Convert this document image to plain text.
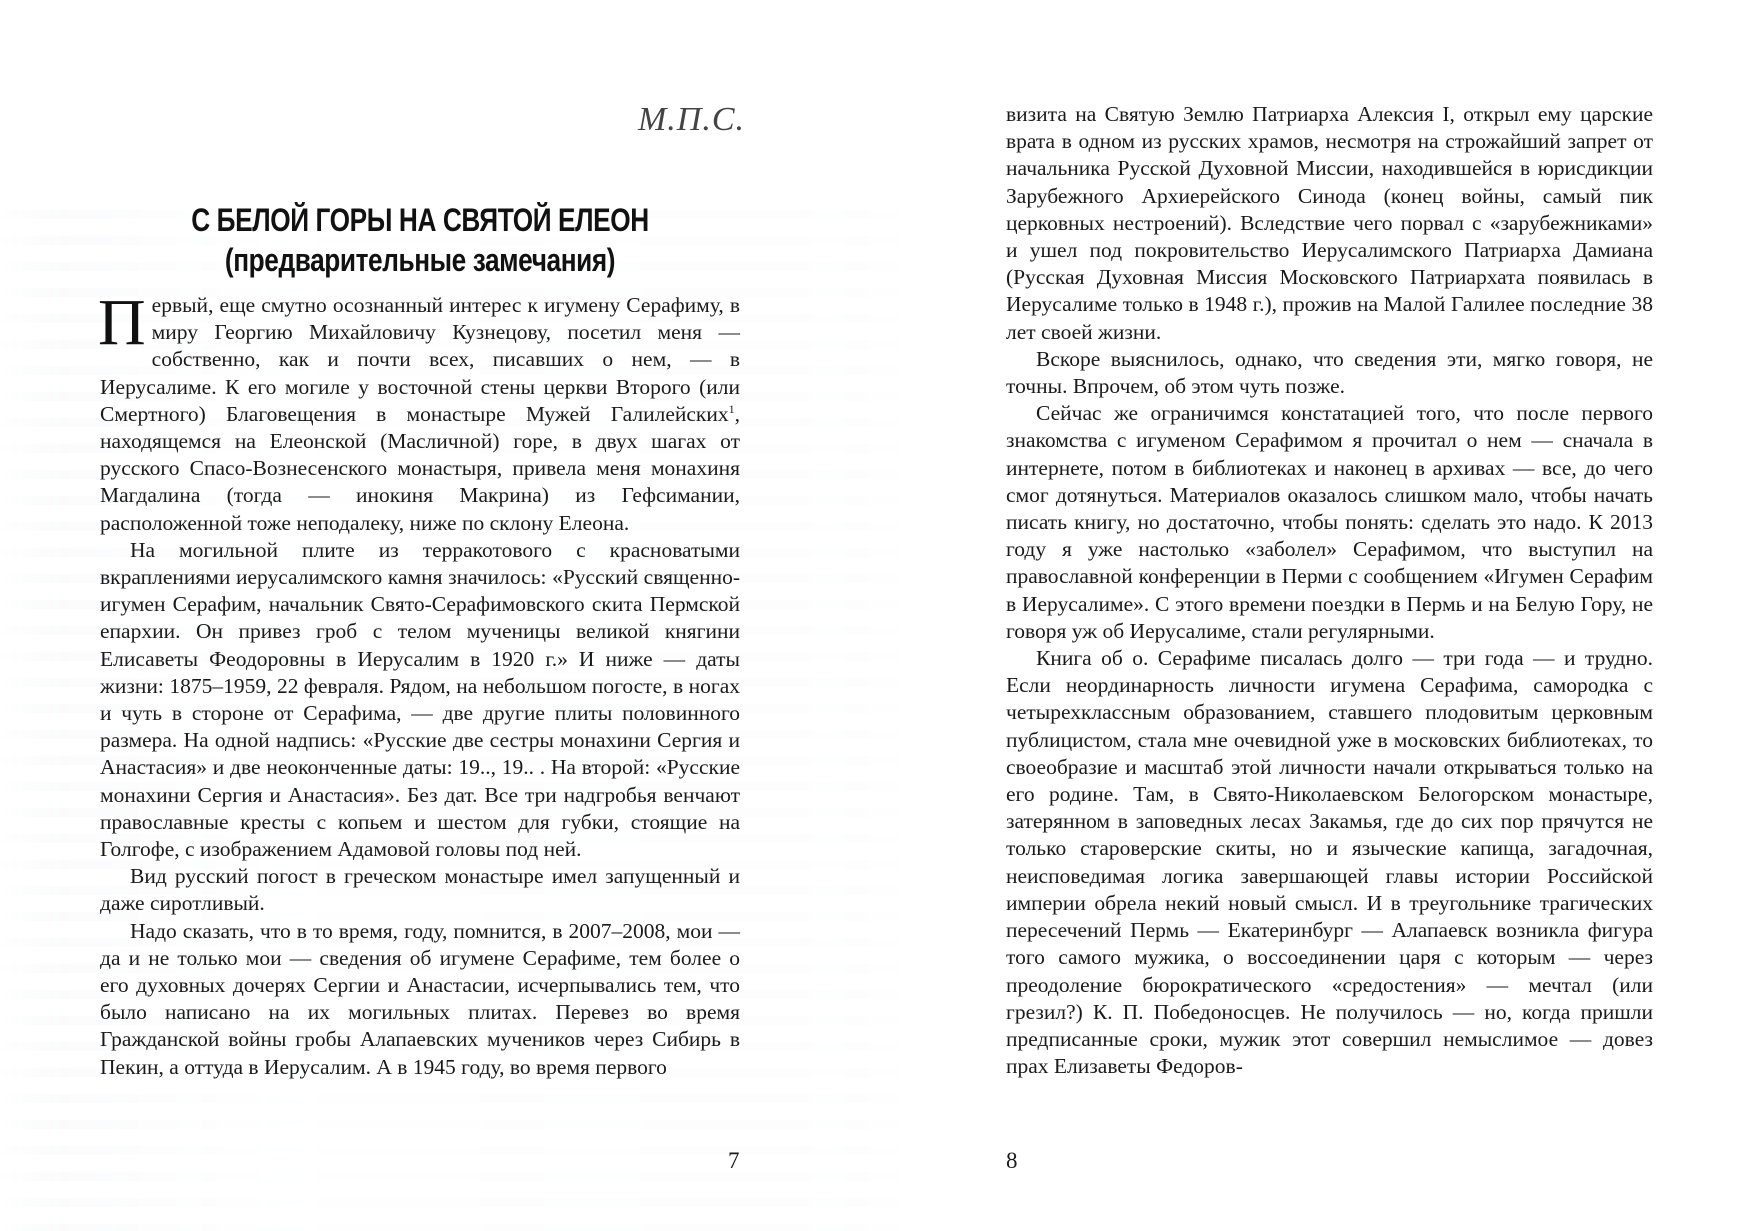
М.П.С.

С БЕЛОЙ ГОРЫ НА СВЯТОЙ ЕЛЕОН
(предварительные замечания)

Первый, еще смутно осознанный интерес к игумену Серафиму, в миру Георгию Михайловичу Кузнецову, посетил меня — собственно, как и почти всех, писавших о нем, — в Иерусалиме. К его могиле у восточной стены церкви Второго (или Смертного) Благовещения в монастыре Мужей Галилейских$^1$, находящемся на Елеонской (Масличной) горе, в двух шагах от русского Спасо-Вознесенского монастыря, привела меня монахиня Магдалина (тогда — инокиня Макрина) из Гефсимании, расположенной тоже неподалеку, ниже по склону Елеона.

На могильной плите из терракотового с красноватыми вкраплениями иерусалимского камня значилось: «Русский священно-игумен Серафим, начальник Свято-Серафимовского скита Пермской епархии. Он привез гроб с телом мученицы великой княгини Елисаветы Феодоровны в Иерусалим в 1920 г.» И ниже — даты жизни: 1875–1959, 22 февраля. Рядом, на небольшом погосте, в ногах и чуть в стороне от Серафима, — две другие плиты половинного размера. На одной надпись: «Русские две сестры монахини Сергия и Анастасия» и две неоконченные даты: 19.., 19.. . На второй: «Русские монахини Сергия и Анастасия». Без дат. Все три надгробья венчают православные кресты с копьем и шестом для губки, стоящие на Голгофе, с изображением Адамовой головы под ней.

Вид русский погост в греческом монастыре имел запущенный и даже сиротливый.

Надо сказать, что в то время, году, помнится, в 2007–2008, мои — да и не только мои — сведения об игумене Серафиме, тем более о его духовных дочерях Сергии и Анастасии, исчерпывались тем, что было написано на их могильных плитах. Перевез во время Гражданской войны гробы Алапаевских мучеников через Сибирь в Пекин, а оттуда в Иерусалим. А в 1945 году, во время первого

7

визита на Святую Землю Патриарха Алексия I, открыл ему царские врата в одном из русских храмов, несмотря на строжайший запрет от начальника Русской Духовной Миссии, находившейся в юрисдикции Зарубежного Архиерейского Синода (конец войны, самый пик церковных нестроений). Вследствие чего порвал с «зарубежниками» и ушел под покровительство Иерусалимского Патриарха Дамиана (Русская Духовная Миссия Московского Патриархата появилась в Иерусалиме только в 1948 г.), прожив на Малой Галилее последние 38 лет своей жизни.

Вскоре выяснилось, однако, что сведения эти, мягко говоря, не точны. Впрочем, об этом чуть позже.

Сейчас же ограничимся констатацией того, что после первого знакомства с игуменом Серафимом я прочитал о нем — сначала в интернете, потом в библиотеках и наконец в архивах — все, до чего смог дотянуться. Материалов оказалось слишком мало, чтобы начать писать книгу, но достаточно, чтобы понять: сделать это надо. К 2013 году я уже настолько «заболел» Серафимом, что выступил на православной конференции в Перми с сообщением «Игумен Серафим в Иерусалиме». С этого времени поездки в Пермь и на Белую Гору, не говоря уж об Иерусалиме, стали регулярными.

Книга об о. Серафиме писалась долго — три года — и трудно. Если неординарность личности игумена Серафима, самородка с четырехклассным образованием, ставшего плодовитым церковным публицистом, стала мне очевидной уже в московских библиотеках, то своеобразие и масштаб этой личности начали открываться только на его родине. Там, в Свято-Николаевском Белогорском монастыре, затерянном в заповедных лесах Закамья, где до сих пор прячутся не только староверские скиты, но и языческие капища, загадочная, неисповедимая логика завершающей главы истории Российской империи обрела некий новый смысл. И в треугольнике трагических пересечений Пермь — Екатеринбург — Алапаевск возникла фигура того самого мужика, о воссоединении царя с которым — через преодоление бюрократического «средостения» — мечтал (или грезил?) К. П. Победоносцев. Не получилось — но, когда пришли предписанные сроки, мужик этот совершил немыслимое — довез прах Елизаветы Федоров-

8
